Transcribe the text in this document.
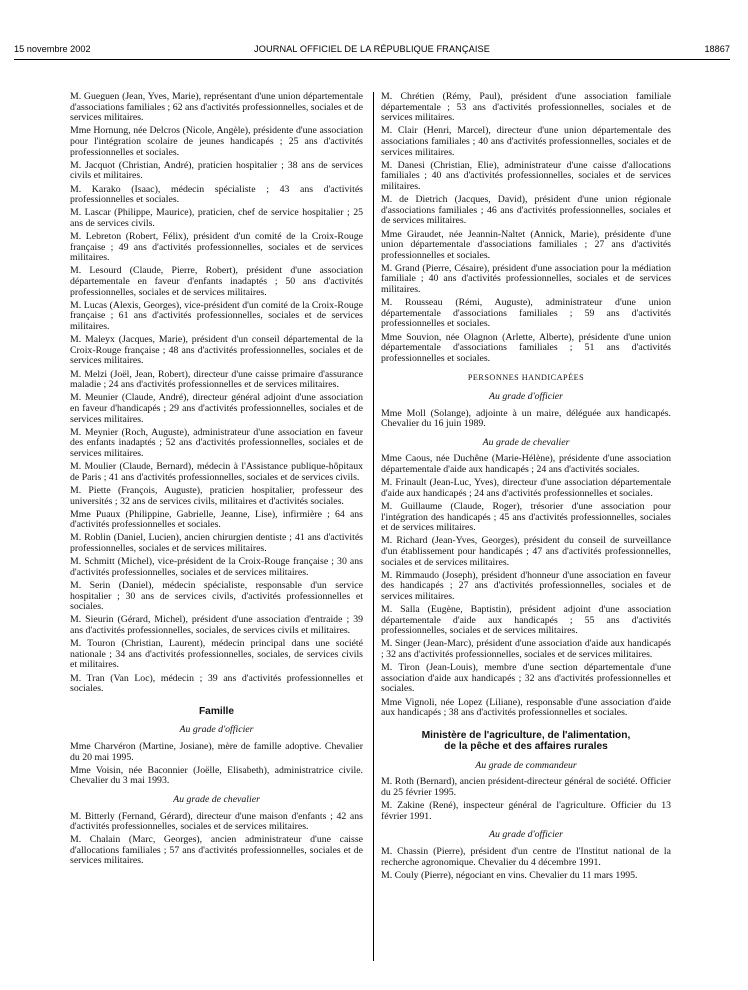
15 novembre 2002	JOURNAL OFFICIEL DE LA RÉPUBLIQUE FRANÇAISE	18867

M. Gueguen (Jean, Yves, Marie), représentant d'une union départementale d'associations familiales ; 62 ans d'activités professionnelles, sociales et de services militaires.

Mme Hornung, née Delcros (Nicole, Angèle), présidente d'une association pour l'intégration scolaire de jeunes handicapés ; 25 ans d'activités professionnelles et sociales.

M. Jacquot (Christian, André), praticien hospitalier ; 38 ans de services civils et militaires.

M. Karako (Isaac), médecin spécialiste ; 43 ans d'activités professionnelles et sociales.

M. Lascar (Philippe, Maurice), praticien, chef de service hospitalier ; 25 ans de services civils.

M. Lebreton (Robert, Félix), président d'un comité de la Croix-Rouge française ; 49 ans d'activités professionnelles, sociales et de services militaires.

M. Lesourd (Claude, Pierre, Robert), président d'une association départementale en faveur d'enfants inadaptés ; 50 ans d'activités professionnelles, sociales et de services militaires.

M. Lucas (Alexis, Georges), vice-président d'un comité de la Croix-Rouge française ; 61 ans d'activités professionnelles, sociales et de services militaires.

M. Maleyx (Jacques, Marie), président d'un conseil départemental de la Croix-Rouge française ; 48 ans d'activités professionnelles, sociales et de services militaires.

M. Melzi (Joël, Jean, Robert), directeur d'une caisse primaire d'assurance maladie ; 24 ans d'activités professionnelles et de services militaires.

M. Meunier (Claude, André), directeur général adjoint d'une association en faveur d'handicapés ; 29 ans d'activités professionnelles, sociales et de services militaires.

M. Meynier (Roch, Auguste), administrateur d'une association en faveur des enfants inadaptés ; 52 ans d'activités professionnelles, sociales et de services militaires.

M. Moulier (Claude, Bernard), médecin à l'Assistance publique-hôpitaux de Paris ; 41 ans d'activités professionnelles, sociales et de services civils.

M. Piette (François, Auguste), praticien hospitalier, professeur des universités ; 32 ans de services civils, militaires et d'activités sociales.

Mme Puaux (Philippine, Gabrielle, Jeanne, Lise), infirmière ; 64 ans d'activités professionnelles et sociales.

M. Roblin (Daniel, Lucien), ancien chirurgien dentiste ; 41 ans d'activités professionnelles, sociales et de services militaires.

M. Schmitt (Michel), vice-président de la Croix-Rouge française ; 30 ans d'activités professionnelles, sociales et de services militaires.

M. Serin (Daniel), médecin spécialiste, responsable d'un service hospitalier ; 30 ans de services civils, d'activités professionnelles et sociales.

M. Sieurin (Gérard, Michel), président d'une association d'entraide ; 39 ans d'activités professionnelles, sociales, de services civils et militaires.

M. Touron (Christian, Laurent), médecin principal dans une société nationale ; 34 ans d'activités professionnelles, sociales, de services civils et militaires.

M. Tran (Van Loc), médecin ; 39 ans d'activités professionnelles et sociales.

Famille
Au grade d'officier

Mme Charvéron (Martine, Josiane), mère de famille adoptive. Chevalier du 20 mai 1995.

Mme Voisin, née Baconnier (Joëlle, Elisabeth), administratrice civile. Chevalier du 3 mai 1993.

Au grade de chevalier

M. Bitterly (Fernand, Gérard), directeur d'une maison d'enfants ; 42 ans d'activités professionnelles, sociales et de services militaires.

M. Chalain (Marc, Georges), ancien administrateur d'une caisse d'allocations familiales ; 57 ans d'activités professionnelles, sociales et de services militaires.

M. Chrétien (Rémy, Paul), président d'une association familiale départementale ; 53 ans d'activités professionnelles, sociales et de services militaires.

M. Clair (Henri, Marcel), directeur d'une union départementale des associations familiales ; 40 ans d'activités professionnelles, sociales et de services militaires.

M. Danesi (Christian, Elie), administrateur d'une caisse d'allocations familiales ; 40 ans d'activités professionnelles, sociales et de services militaires.

M. de Dietrich (Jacques, David), président d'une union régionale d'associations familiales ; 46 ans d'activités professionnelles, sociales et de services militaires.

Mme Giraudet, née Jeannin-Naltet (Annick, Marie), présidente d'une union départementale d'associations familiales ; 27 ans d'activités professionnelles et sociales.

M. Grand (Pierre, Césaire), président d'une association pour la médiation familiale ; 40 ans d'activités professionnelles, sociales et de services militaires.

M. Rousseau (Rémi, Auguste), administrateur d'une union départementale d'associations familiales ; 59 ans d'activités professionnelles et sociales.

Mme Souvion, née Olagnon (Arlette, Alberte), présidente d'une union départementale d'associations familiales ; 51 ans d'activités professionnelles et sociales.

PERSONNES HANDICAPÉES
Au grade d'officier

Mme Moll (Solange), adjointe à un maire, déléguée aux handicapés. Chevalier du 16 juin 1989.

Au grade de chevalier

Mme Caous, née Duchêne (Marie-Hélène), présidente d'une association départementale d'aide aux handicapés ; 24 ans d'activités sociales.

M. Frinault (Jean-Luc, Yves), directeur d'une association départementale d'aide aux handicapés ; 24 ans d'activités professionnelles et sociales.

M. Guillaume (Claude, Roger), trésorier d'une association pour l'intégration des handicapés ; 45 ans d'activités professionnelles, sociales et de services militaires.

M. Richard (Jean-Yves, Georges), président du conseil de surveillance d'un établissement pour handicapés ; 47 ans d'activités professionnelles, sociales et de services militaires.

M. Rimmaudo (Joseph), président d'honneur d'une association en faveur des handicapés ; 27 ans d'activités professionnelles, sociales et de services militaires.

M. Salla (Eugène, Baptistin), président adjoint d'une association départementale d'aide aux handicapés ; 55 ans d'activités professionnelles, sociales et de services militaires.

M. Singer (Jean-Marc), président d'une association d'aide aux handicapés ; 32 ans d'activités professionnelles, sociales et de services militaires.

M. Tiron (Jean-Louis), membre d'une section départementale d'une association d'aide aux handicapés ; 32 ans d'activités professionnelles et sociales.

Mme Vignoli, née Lopez (Liliane), responsable d'une association d'aide aux handicapés ; 38 ans d'activités professionnelles et sociales.

Ministère de l'agriculture, de l'alimentation,
de la pêche et des affaires rurales
Au grade de commandeur

M. Roth (Bernard), ancien président-directeur général de société. Officier du 25 février 1995.

M. Zakine (René), inspecteur général de l'agriculture. Officier du 13 février 1991.

Au grade d'officier

M. Chassin (Pierre), président d'un centre de l'Institut national de la recherche agronomique. Chevalier du 4 décembre 1991.

M. Couly (Pierre), négociant en vins. Chevalier du 11 mars 1995.
